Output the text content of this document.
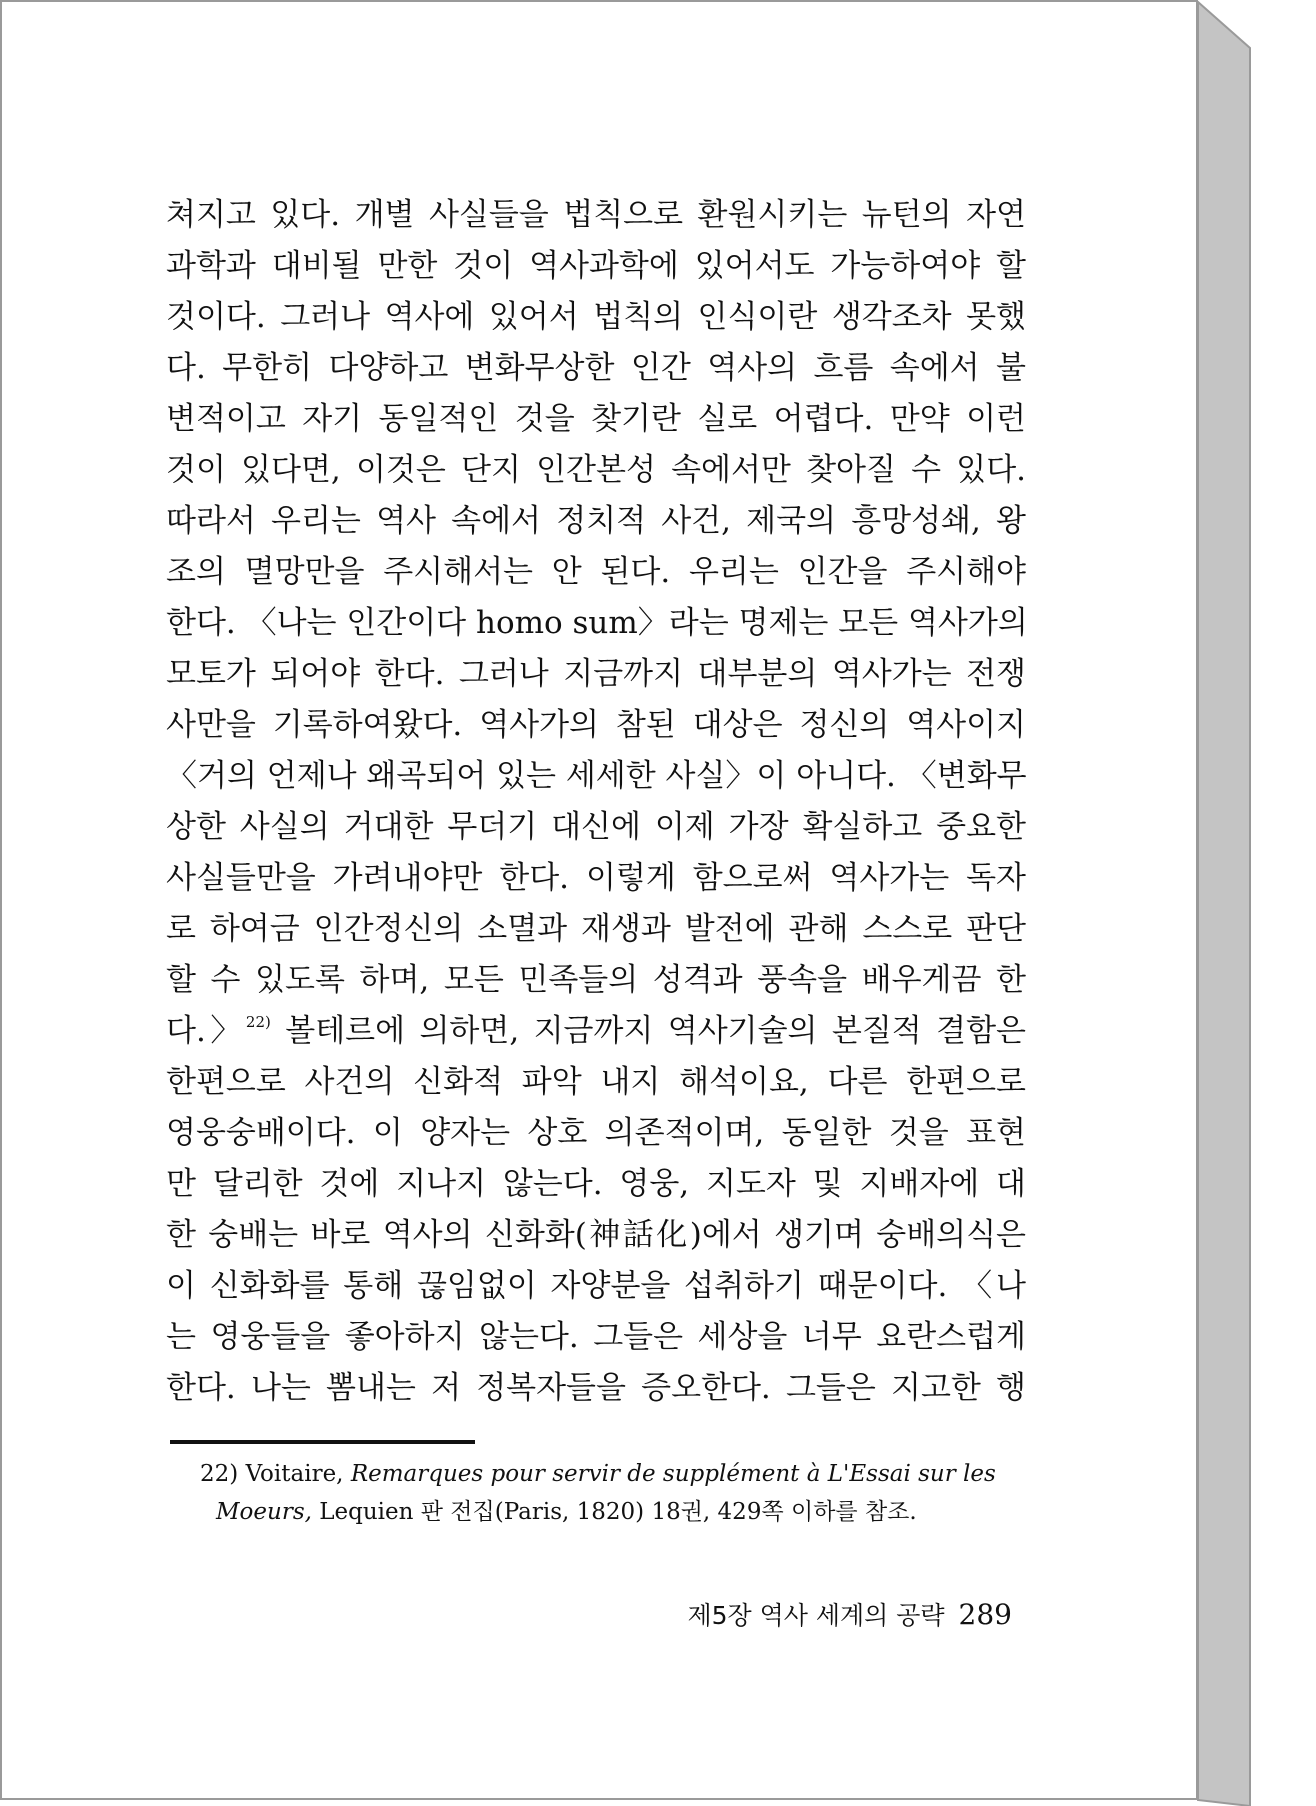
쳐지고 있다. 개별 사실들을 법칙으로 환원시키는 뉴턴의 자연
과학과 대비될 만한 것이 역사과학에 있어서도 가능하여야 할
것이다. 그러나 역사에 있어서 법칙의 인식이란 생각조차 못했
다. 무한히 다양하고 변화무상한 인간 역사의 흐름 속에서 불
변적이고 자기 동일적인 것을 찾기란 실로 어렵다. 만약 이런
것이 있다면, 이것은 단지 인간본성 속에서만 찾아질 수 있다.
따라서 우리는 역사 속에서 정치적 사건, 제국의 흥망성쇄, 왕
조의 멸망만을 주시해서는 안 된다. 우리는 인간을 주시해야
한다. 〈나는 인간이다 homo sum〉라는 명제는 모든 역사가의
모토가 되어야 한다. 그러나 지금까지 대부분의 역사가는 전쟁
사만을 기록하여왔다. 역사가의 참된 대상은 정신의 역사이지
〈거의 언제나 왜곡되어 있는 세세한 사실〉이 아니다. 〈변화무
상한 사실의 거대한 무더기 대신에 이제 가장 확실하고 중요한
사실들만을 가려내야만 한다. 이렇게 함으로써 역사가는 독자
로 하여금 인간정신의 소멸과 재생과 발전에 관해 스스로 판단
할 수 있도록 하며, 모든 민족들의 성격과 풍속을 배우게끔 한
다.〉$^{22)}$ 볼테르에 의하면, 지금까지 역사기술의 본질적 결함은
한편으로 사건의 신화적 파악 내지 해석이요, 다른 한편으로
영웅숭배이다. 이 양자는 상호 의존적이며, 동일한 것을 표현
만 달리한 것에 지나지 않는다. 영웅, 지도자 및 지배자에 대
한 숭배는 바로 역사의 신화화(神話化)에서 생기며 숭배의식은
이 신화화를 통해 끊임없이 자양분을 섭취하기 때문이다. 〈나
는 영웅들을 좋아하지 않는다. 그들은 세상을 너무 요란스럽게
한다. 나는 뽐내는 저 정복자들을 증오한다. 그들은 지고한 행
22) Voitaire, Remarques pour servir de supplément à L'Essai sur les
Moeurs, Lequien 판 전집(Paris, 1820) 18권, 429쪽 이하를 참조.
제5장 역사 세계의 공략 289
